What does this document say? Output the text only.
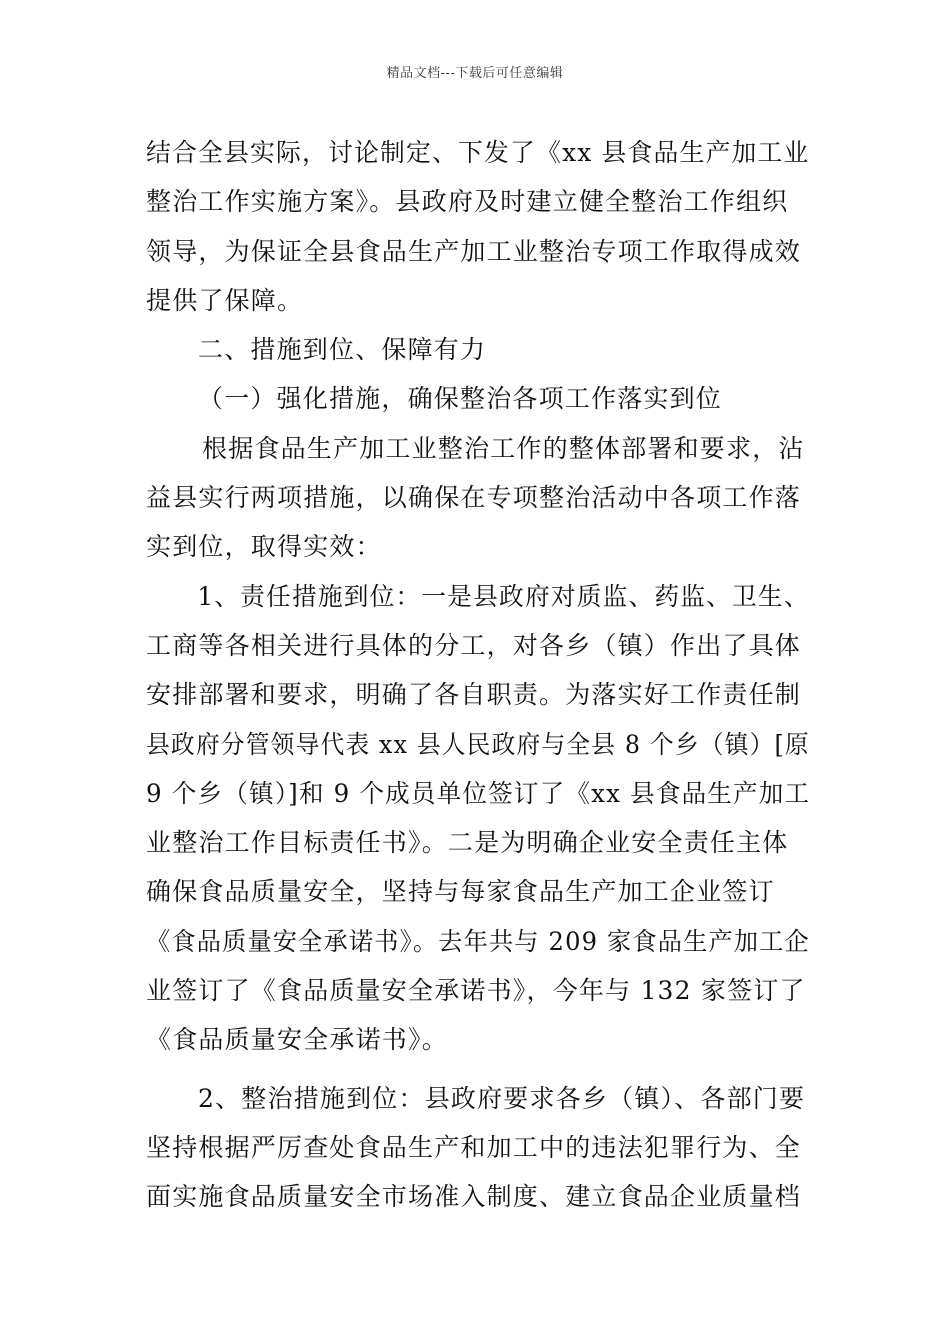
精品文档---下载后可任意编辑
结合全县实际，讨论制定、下发了《xx 县食品生产加工业
整治工作实施方案》。县政府及时建立健全整治工作组织
领导，为保证全县食品生产加工业整治专项工作取得成效
提供了保障。
二、措施到位、保障有力
（一）强化措施，确保整治各项工作落实到位
根据食品生产加工业整治工作的整体部署和要求，沾
益县实行两项措施，以确保在专项整治活动中各项工作落
实到位，取得实效：
1、责任措施到位：一是县政府对质监、药监、卫生、
工商等各相关进行具体的分工，对各乡（镇）作出了具体
安排部署和要求，明确了各自职责。为落实好工作责任制
县政府分管领导代表 xx 县人民政府与全县 8 个乡（镇）[原
9 个乡（镇）]和 9 个成员单位签订了《xx 县食品生产加工
业整治工作目标责任书》。二是为明确企业安全责任主体
确保食品质量安全，坚持与每家食品生产加工企业签订
《食品质量安全承诺书》。去年共与 209 家食品生产加工企
业签订了《食品质量安全承诺书》，今年与 132 家签订了
《食品质量安全承诺书》。
2、整治措施到位：县政府要求各乡（镇）、各部门要
坚持根据严厉查处食品生产和加工中的违法犯罪行为、全
面实施食品质量安全市场准入制度、建立食品企业质量档
